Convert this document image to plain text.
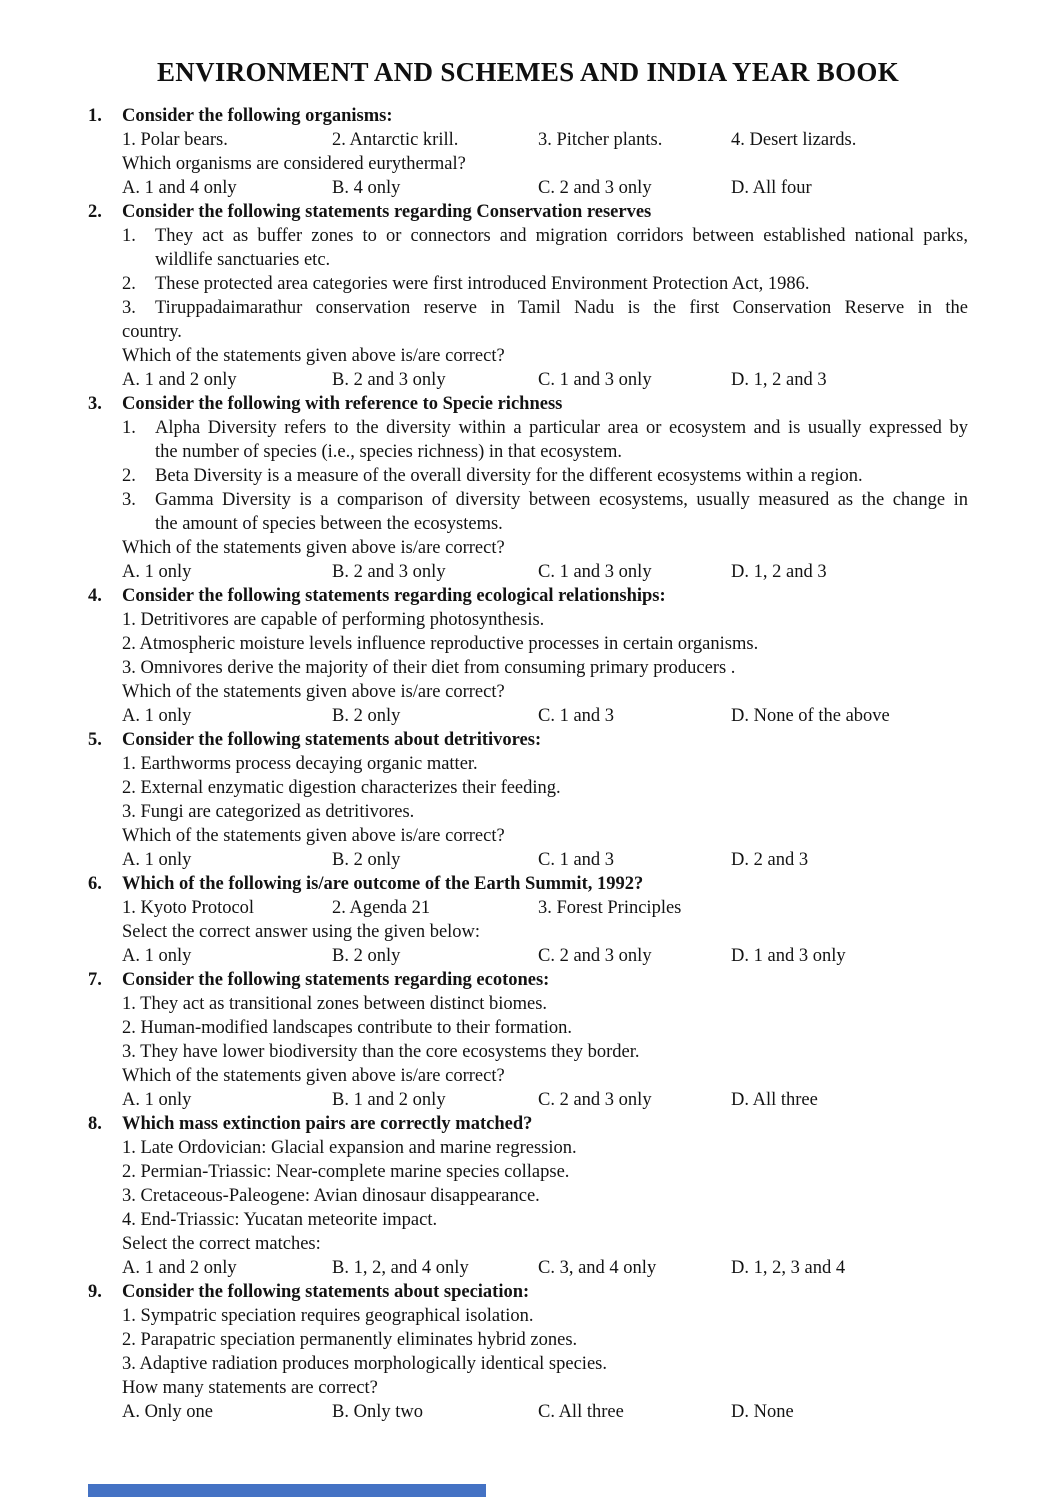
ENVIRONMENT AND SCHEMES AND INDIA YEAR BOOK
1.	Consider the following organisms:
1. Polar bears.	2. Antarctic krill.	3. Pitcher plants.	4. Desert lizards.
Which organisms are considered eurythermal?
A. 1 and 4 only	B. 4 only	C. 2 and 3 only	D. All four
2.	Consider the following statements regarding Conservation reserves
1.	They act as buffer zones to or connectors and migration corridors between established national parks,
wildlife sanctuaries etc.
2.	These protected area categories were first introduced Environment Protection Act, 1986.
3.	Tiruppadaimarathur conservation reserve in Tamil Nadu is the first Conservation Reserve in the
country.
Which of the statements given above is/are correct?
A. 1 and 2 only	B. 2 and 3 only	C. 1 and 3 only	D. 1, 2 and 3
3.	Consider the following with reference to Specie richness
1.	Alpha Diversity refers to the diversity within a particular area or ecosystem and is usually expressed by
the number of species (i.e., species richness) in that ecosystem.
2.	Beta Diversity is a measure of the overall diversity for the different ecosystems within a region.
3.	Gamma Diversity is a comparison of diversity between ecosystems, usually measured as the change in
the amount of species between the ecosystems.
Which of the statements given above is/are correct?
A. 1 only	B. 2 and 3 only	C. 1 and 3 only	D. 1, 2 and 3
4.	Consider the following statements regarding ecological relationships:
1. Detritivores are capable of performing photosynthesis.
2. Atmospheric moisture levels influence reproductive processes in certain organisms.
3. Omnivores derive the majority of their diet from consuming primary producers .
Which of the statements given above is/are correct?
A. 1 only	B. 2 only	C. 1 and 3	D. None of the above
5.	Consider the following statements about detritivores:
1. Earthworms process decaying organic matter.
2. External enzymatic digestion characterizes their feeding.
3. Fungi are categorized as detritivores.
Which of the statements given above is/are correct?
A. 1 only	B. 2 only	C. 1 and 3	D. 2 and 3
6.	Which of the following is/are outcome of the Earth Summit, 1992?
1. Kyoto Protocol	2. Agenda 21	3. Forest Principles
Select the correct answer using the given below:
A. 1 only	B. 2 only	C. 2 and 3 only	D. 1 and 3 only
7.	Consider the following statements regarding ecotones:
1. They act as transitional zones between distinct biomes.
2. Human-modified landscapes contribute to their formation.
3. They have lower biodiversity than the core ecosystems they border.
Which of the statements given above is/are correct?
A. 1 only	B. 1 and 2 only	C. 2 and 3 only	D. All three
8.	Which mass extinction pairs are correctly matched?
1. Late Ordovician: Glacial expansion and marine regression.
2. Permian-Triassic: Near-complete marine species collapse.
3. Cretaceous-Paleogene: Avian dinosaur disappearance.
4. End-Triassic: Yucatan meteorite impact.
Select the correct matches:
A. 1 and 2 only	B. 1, 2, and 4 only	C. 3, and 4 only	D. 1, 2, 3 and 4
9.	Consider the following statements about speciation:
1. Sympatric speciation requires geographical isolation.
2. Parapatric speciation permanently eliminates hybrid zones.
3. Adaptive radiation produces morphologically identical species.
How many statements are correct?
A. Only one	B. Only two	C. All three	D. None
